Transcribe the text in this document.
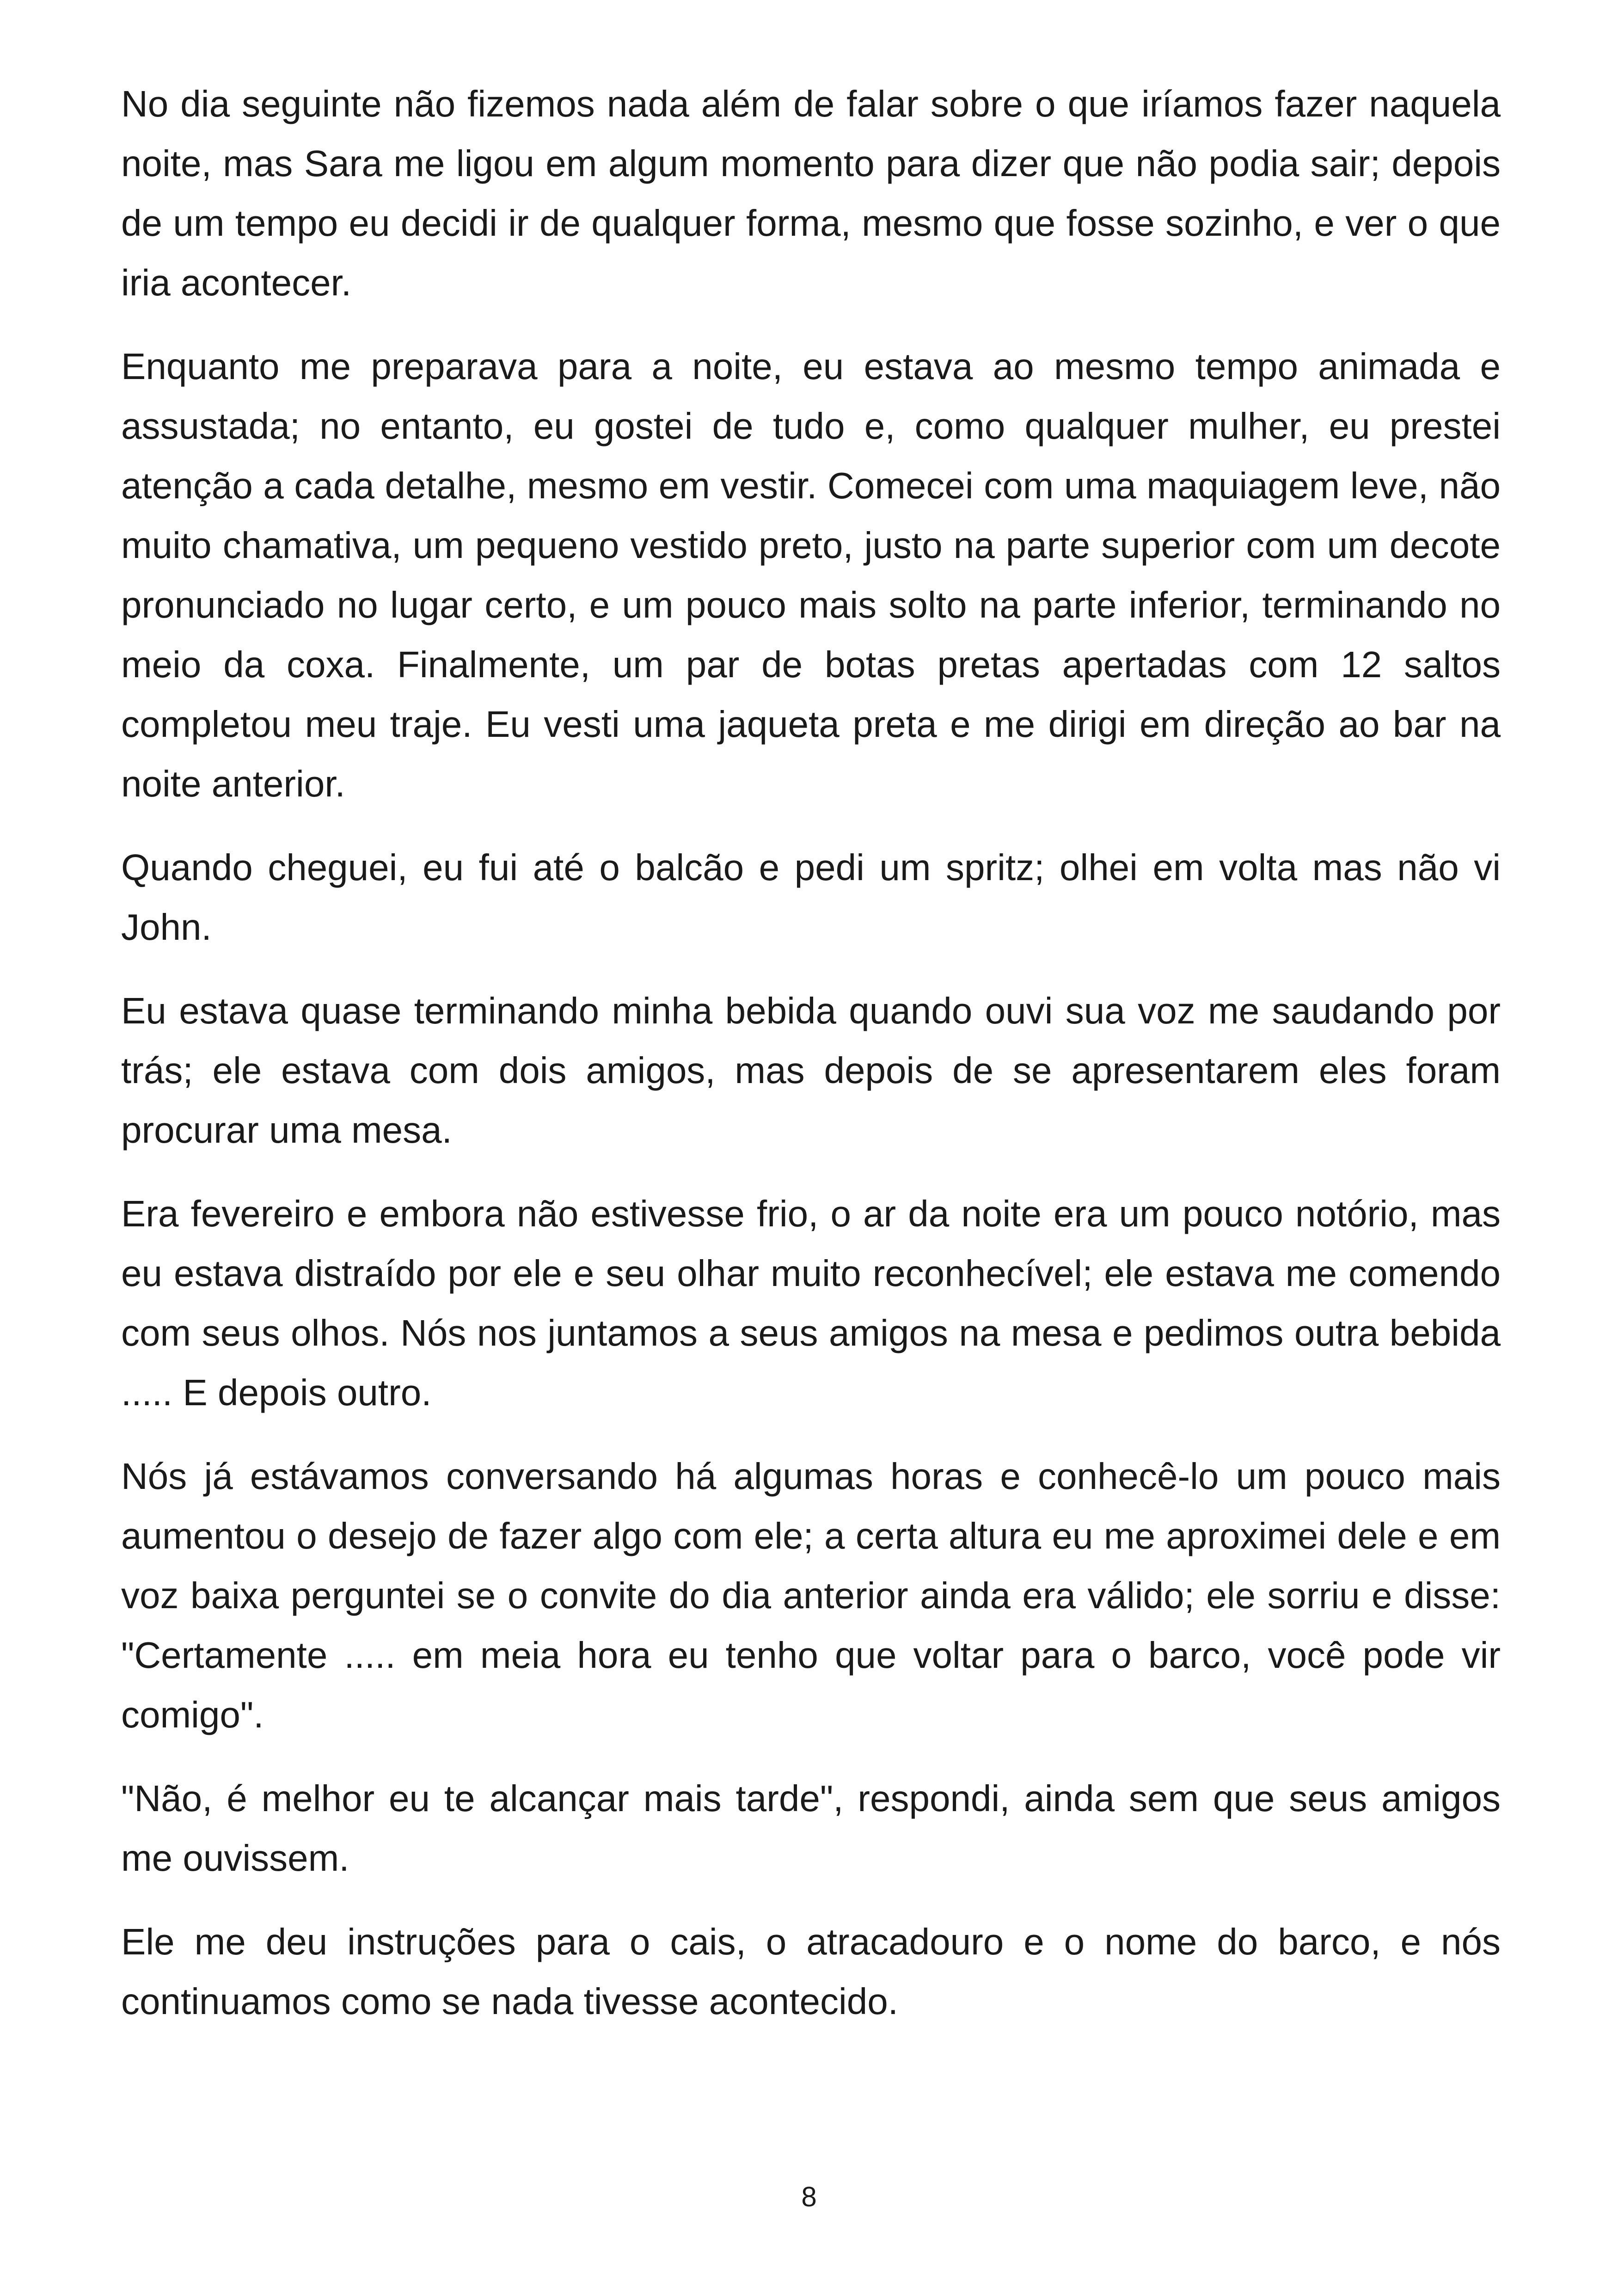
No dia seguinte não fizemos nada além de falar sobre o que iríamos fazer naquela noite, mas Sara me ligou em algum momento para dizer que não podia sair; depois de um tempo eu decidi ir de qualquer forma, mesmo que fosse sozinho, e ver o que iria acontecer.

Enquanto me preparava para a noite, eu estava ao mesmo tempo animada e assustada; no entanto, eu gostei de tudo e, como qualquer mulher, eu prestei atenção a cada detalhe, mesmo em vestir. Comecei com uma maquiagem leve, não muito chamativa, um pequeno vestido preto, justo na parte superior com um decote pronunciado no lugar certo, e um pouco mais solto na parte inferior, terminando no meio da coxa. Finalmente, um par de botas pretas apertadas com 12 saltos completou meu traje. Eu vesti uma jaqueta preta e me dirigi em direção ao bar na noite anterior.

Quando cheguei, eu fui até o balcão e pedi um spritz; olhei em volta mas não vi John.

Eu estava quase terminando minha bebida quando ouvi sua voz me saudando por trás; ele estava com dois amigos, mas depois de se apresentarem eles foram procurar uma mesa.

Era fevereiro e embora não estivesse frio, o ar da noite era um pouco notório, mas eu estava distraído por ele e seu olhar muito reconhecível; ele estava me comendo com seus olhos. Nós nos juntamos a seus amigos na mesa e pedimos outra bebida ..... E depois outro.

Nós já estávamos conversando há algumas horas e conhecê-lo um pouco mais aumentou o desejo de fazer algo com ele; a certa altura eu me aproximei dele e em voz baixa perguntei se o convite do dia anterior ainda era válido; ele sorriu e disse: "Certamente ..... em meia hora eu tenho que voltar para o barco, você pode vir comigo".

"Não, é melhor eu te alcançar mais tarde", respondi, ainda sem que seus amigos me ouvissem.

Ele me deu instruções para o cais, o atracadouro e o nome do barco, e nós continuamos como se nada tivesse acontecido.

8
